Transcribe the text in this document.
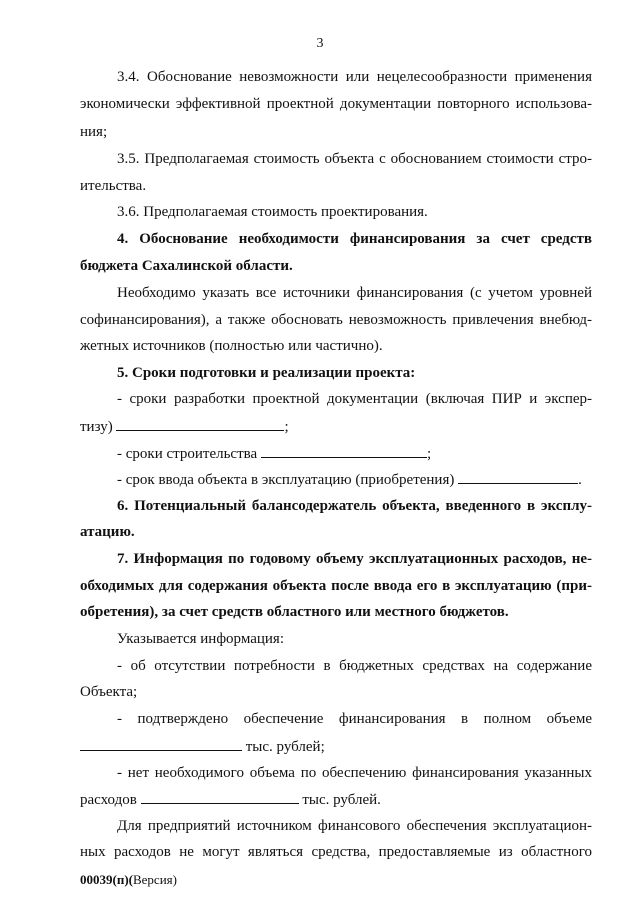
3
3.4. Обоснование невозможности или нецелесообразности применения
экономически эффективной проектной документации повторного использова-
ния;
3.5. Предполагаемая стоимость объекта с обоснованием стоимости стро-
ительства.
3.6. Предполагаемая стоимость проектирования.
4. Обоснование необходимости финансирования за счет средств
бюджета Сахалинской области.
Необходимо указать все источники финансирования (с учетом уровней
софинансирования), а также обосновать невозможность привлечения внебюд-
жетных источников (полностью или частично).
5. Сроки подготовки и реализации проекта:
- сроки разработки проектной документации (включая ПИР и экспер-
тизу)	;
- сроки строительства	;
- срок ввода объекта в эксплуатацию (приобретения)	.
6. Потенциальный балансодержатель объекта, введенного в эксплу-
атацию.
7. Информация по годовому объему эксплуатационных расходов, не-
обходимых для содержания объекта после ввода его в эксплуатацию (при-
обретения), за счет средств областного или местного бюджетов.
Указывается информация:
- об отсутствии потребности в бюджетных средствах на содержание
Объекта;
- подтверждено обеспечение финансирования в полном объеме
тыс. рублей;
- нет необходимого объема по обеспечению финансирования указанных
расходов	тыс. рублей.
Для предприятий источником финансового обеспечения эксплуатацион-
ных расходов не могут являться средства, предоставляемые из областного
00039(п)(Версия)
